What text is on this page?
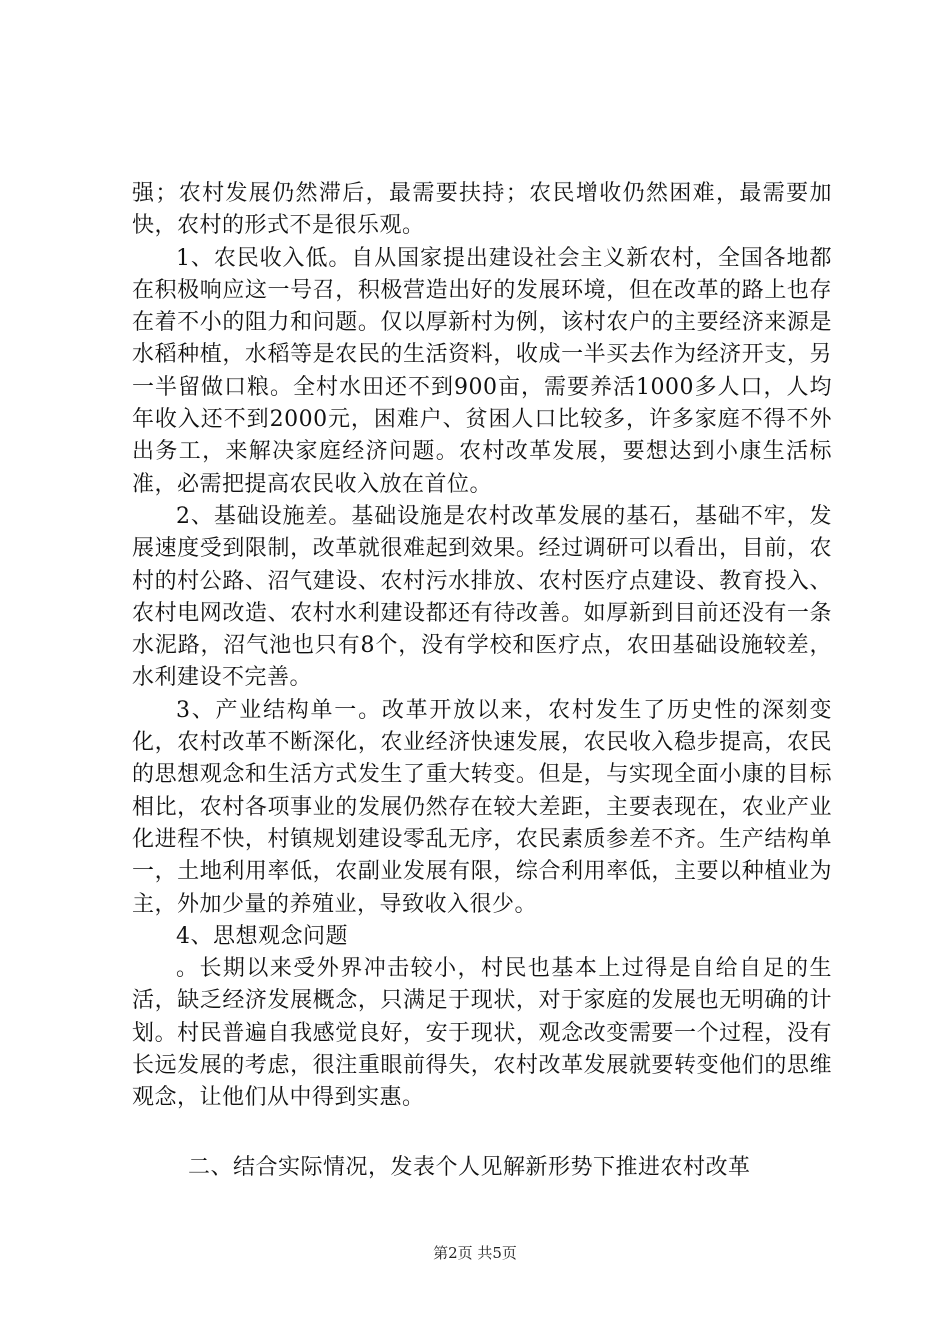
强；农村发展仍然滞后，最需要扶持；农民增收仍然困难，最需要加快，农村的形式不是很乐观。

1、农民收入低。自从国家提出建设社会主义新农村，全国各地都在积极响应这一号召，积极营造出好的发展环境，但在改革的路上也存在着不小的阻力和问题。仅以厚新村为例，该村农户的主要经济来源是水稻种植，水稻等是农民的生活资料，收成一半买去作为经济开支，另一半留做口粮。全村水田还不到900亩，需要养活1000多人口，人均年收入还不到2000元，困难户、贫困人口比较多，许多家庭不得不外出务工，来解决家庭经济问题。农村改革发展，要想达到小康生活标准，必需把提高农民收入放在首位。

2、基础设施差。基础设施是农村改革发展的基石，基础不牢，发展速度受到限制，改革就很难起到效果。经过调研可以看出，目前，农村的村公路、沼气建设、农村污水排放、农村医疗点建设、教育投入、农村电网改造、农村水利建设都还有待改善。如厚新到目前还没有一条水泥路，沼气池也只有8个，没有学校和医疗点，农田基础设施较差，水利建设不完善。

3、产业结构单一。改革开放以来，农村发生了历史性的深刻变化，农村改革不断深化，农业经济快速发展，农民收入稳步提高，农民的思想观念和生活方式发生了重大转变。但是，与实现全面小康的目标相比，农村各项事业的发展仍然存在较大差距，主要表现在，农业产业化进程不快，村镇规划建设零乱无序，农民素质参差不齐。生产结构单一，土地利用率低，农副业发展有限，综合利用率低，主要以种植业为主，外加少量的养殖业，导致收入很少。

4、思想观念问题

。长期以来受外界冲击较小，村民也基本上过得是自给自足的生活，缺乏经济发展概念，只满足于现状，对于家庭的发展也无明确的计划。村民普遍自我感觉良好，安于现状，观念改变需要一个过程，没有长远发展的考虑，很注重眼前得失，农村改革发展就要转变他们的思维观念，让他们从中得到实惠。

二、结合实际情况，发表个人见解新形势下推进农村改革
第2页 共5页
